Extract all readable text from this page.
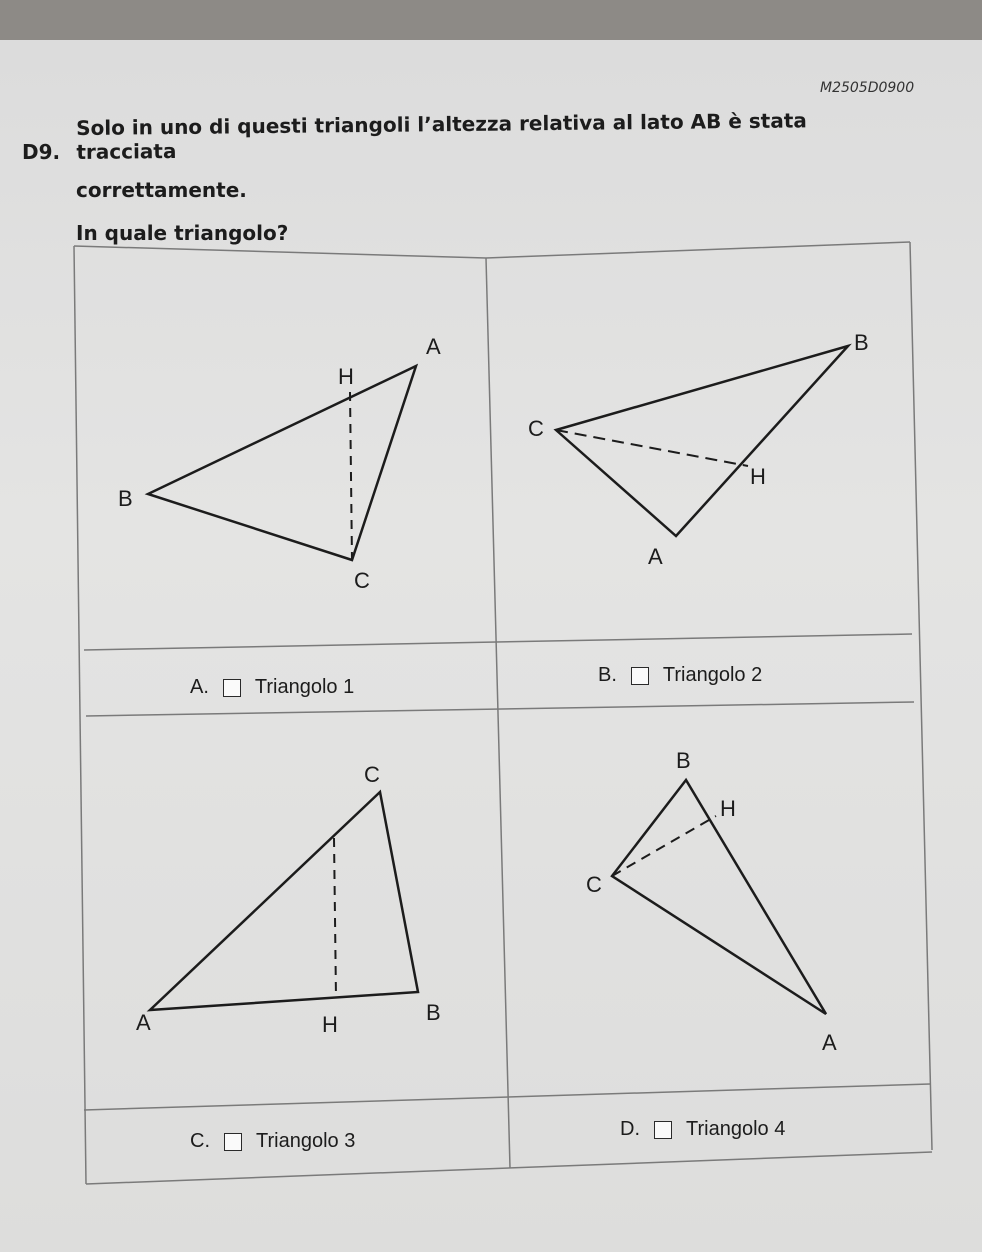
M2505D0900
D9.
Solo in uno di questi triangoli l’altezza relativa al lato AB è stata tracciata
correttamente.
In quale triangolo?
A
B
C
H
B
C
A
H
C
A	B
H
B
C
A
H
A. Triangolo 1
B. Triangolo 2
C. Triangolo 3
D. Triangolo 4
